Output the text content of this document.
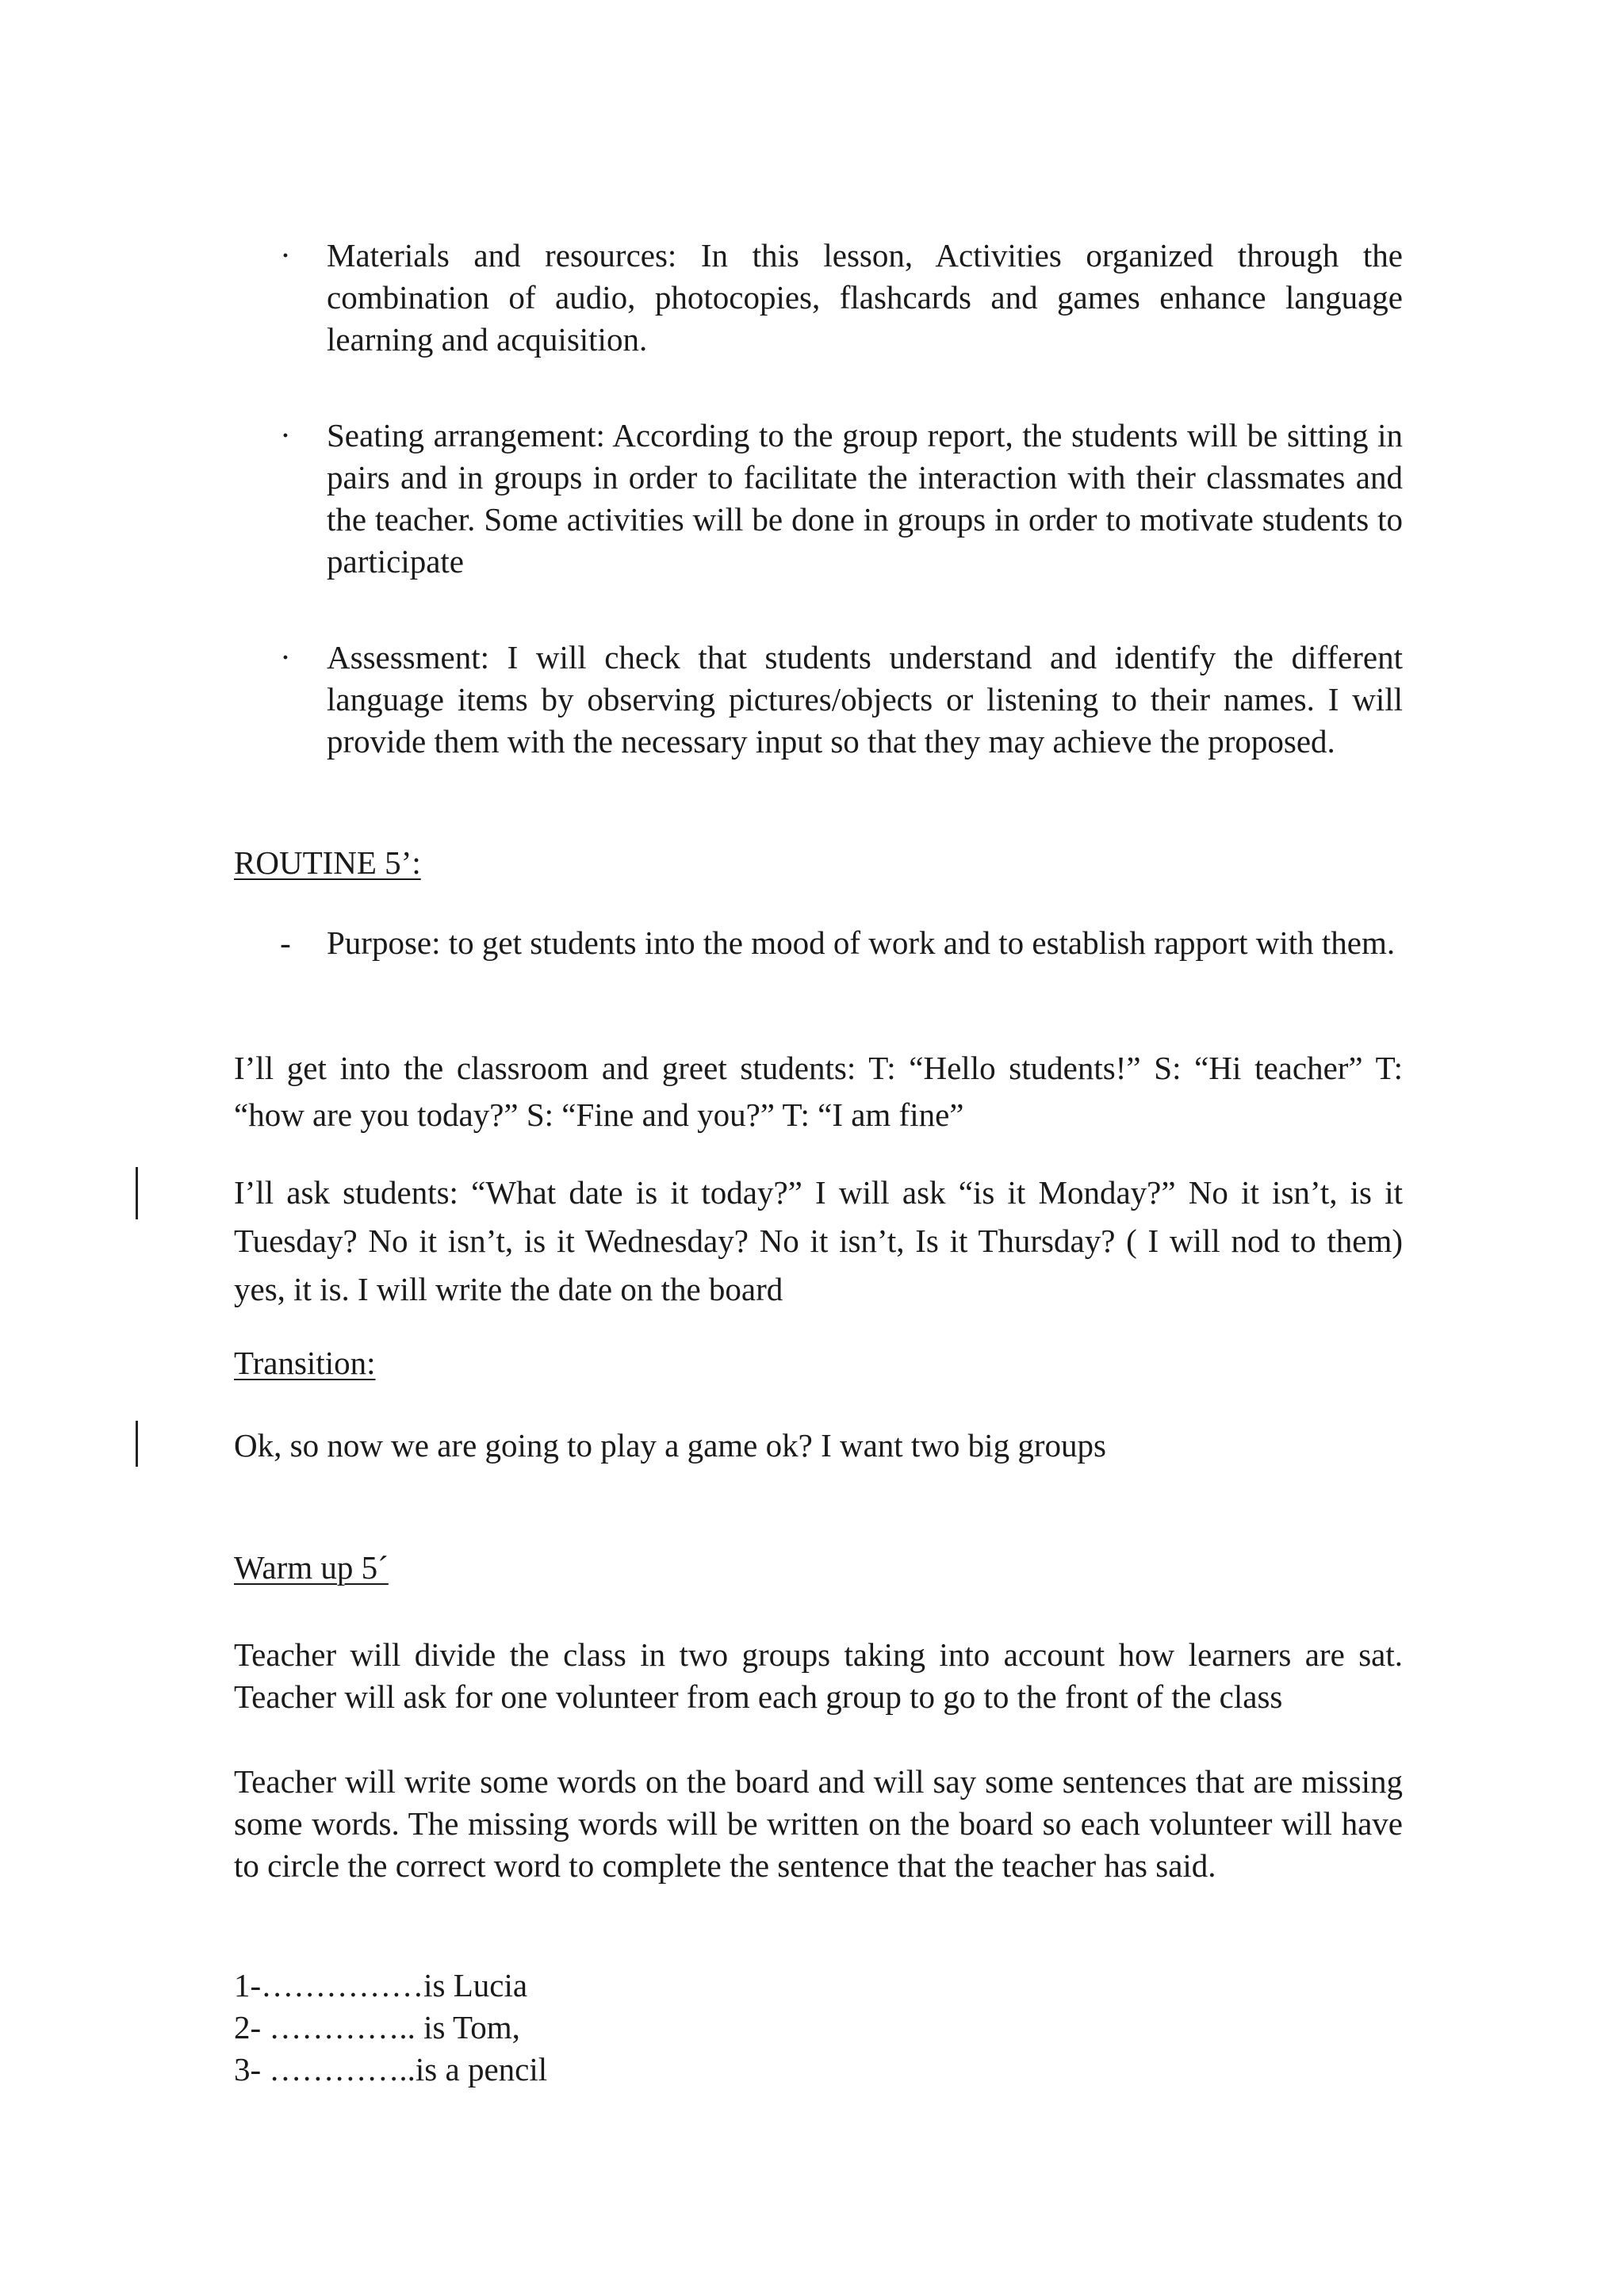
· Materials and resources: In this lesson, Activities organized through the combination of audio, photocopies, flashcards and games enhance language learning and acquisition.
· Seating arrangement: According to the group report, the students will be sitting in pairs and in groups in order to facilitate the interaction with their classmates and the teacher. Some activities will be done in groups in order to motivate students to participate
· Assessment: I will check that students understand and identify the different language items by observing pictures/objects or listening to their names. I will provide them with the necessary input so that they may achieve the proposed.
ROUTINE 5’:
- Purpose: to get students into the mood of work and to establish rapport with them.
I’ll get into the classroom and greet students: T: “Hello students!” S: “Hi teacher” T: “how are you today?” S: “Fine and you?” T: “I am fine”
I’ll ask students: “What date is it today?” I will ask “is it Monday?” No it isn’t, is it Tuesday? No it isn’t, is it Wednesday? No it isn’t, Is it Thursday? ( I will nod to them) yes, it is. I will write the date on the board
Transition:
Ok, so now we are going to play a game ok? I want two big groups
Warm up 5´
Teacher will divide the class in two groups taking into account how learners are sat. Teacher will ask for one volunteer from each group to go to the front of the class
Teacher will write some words on the board and will say some sentences that are missing some words. The missing words will be written on the board so each volunteer will have to circle the correct word to complete the sentence that the teacher has said.
1-……………is Lucia
2- ………….. is Tom,
3- …………..is a pencil
